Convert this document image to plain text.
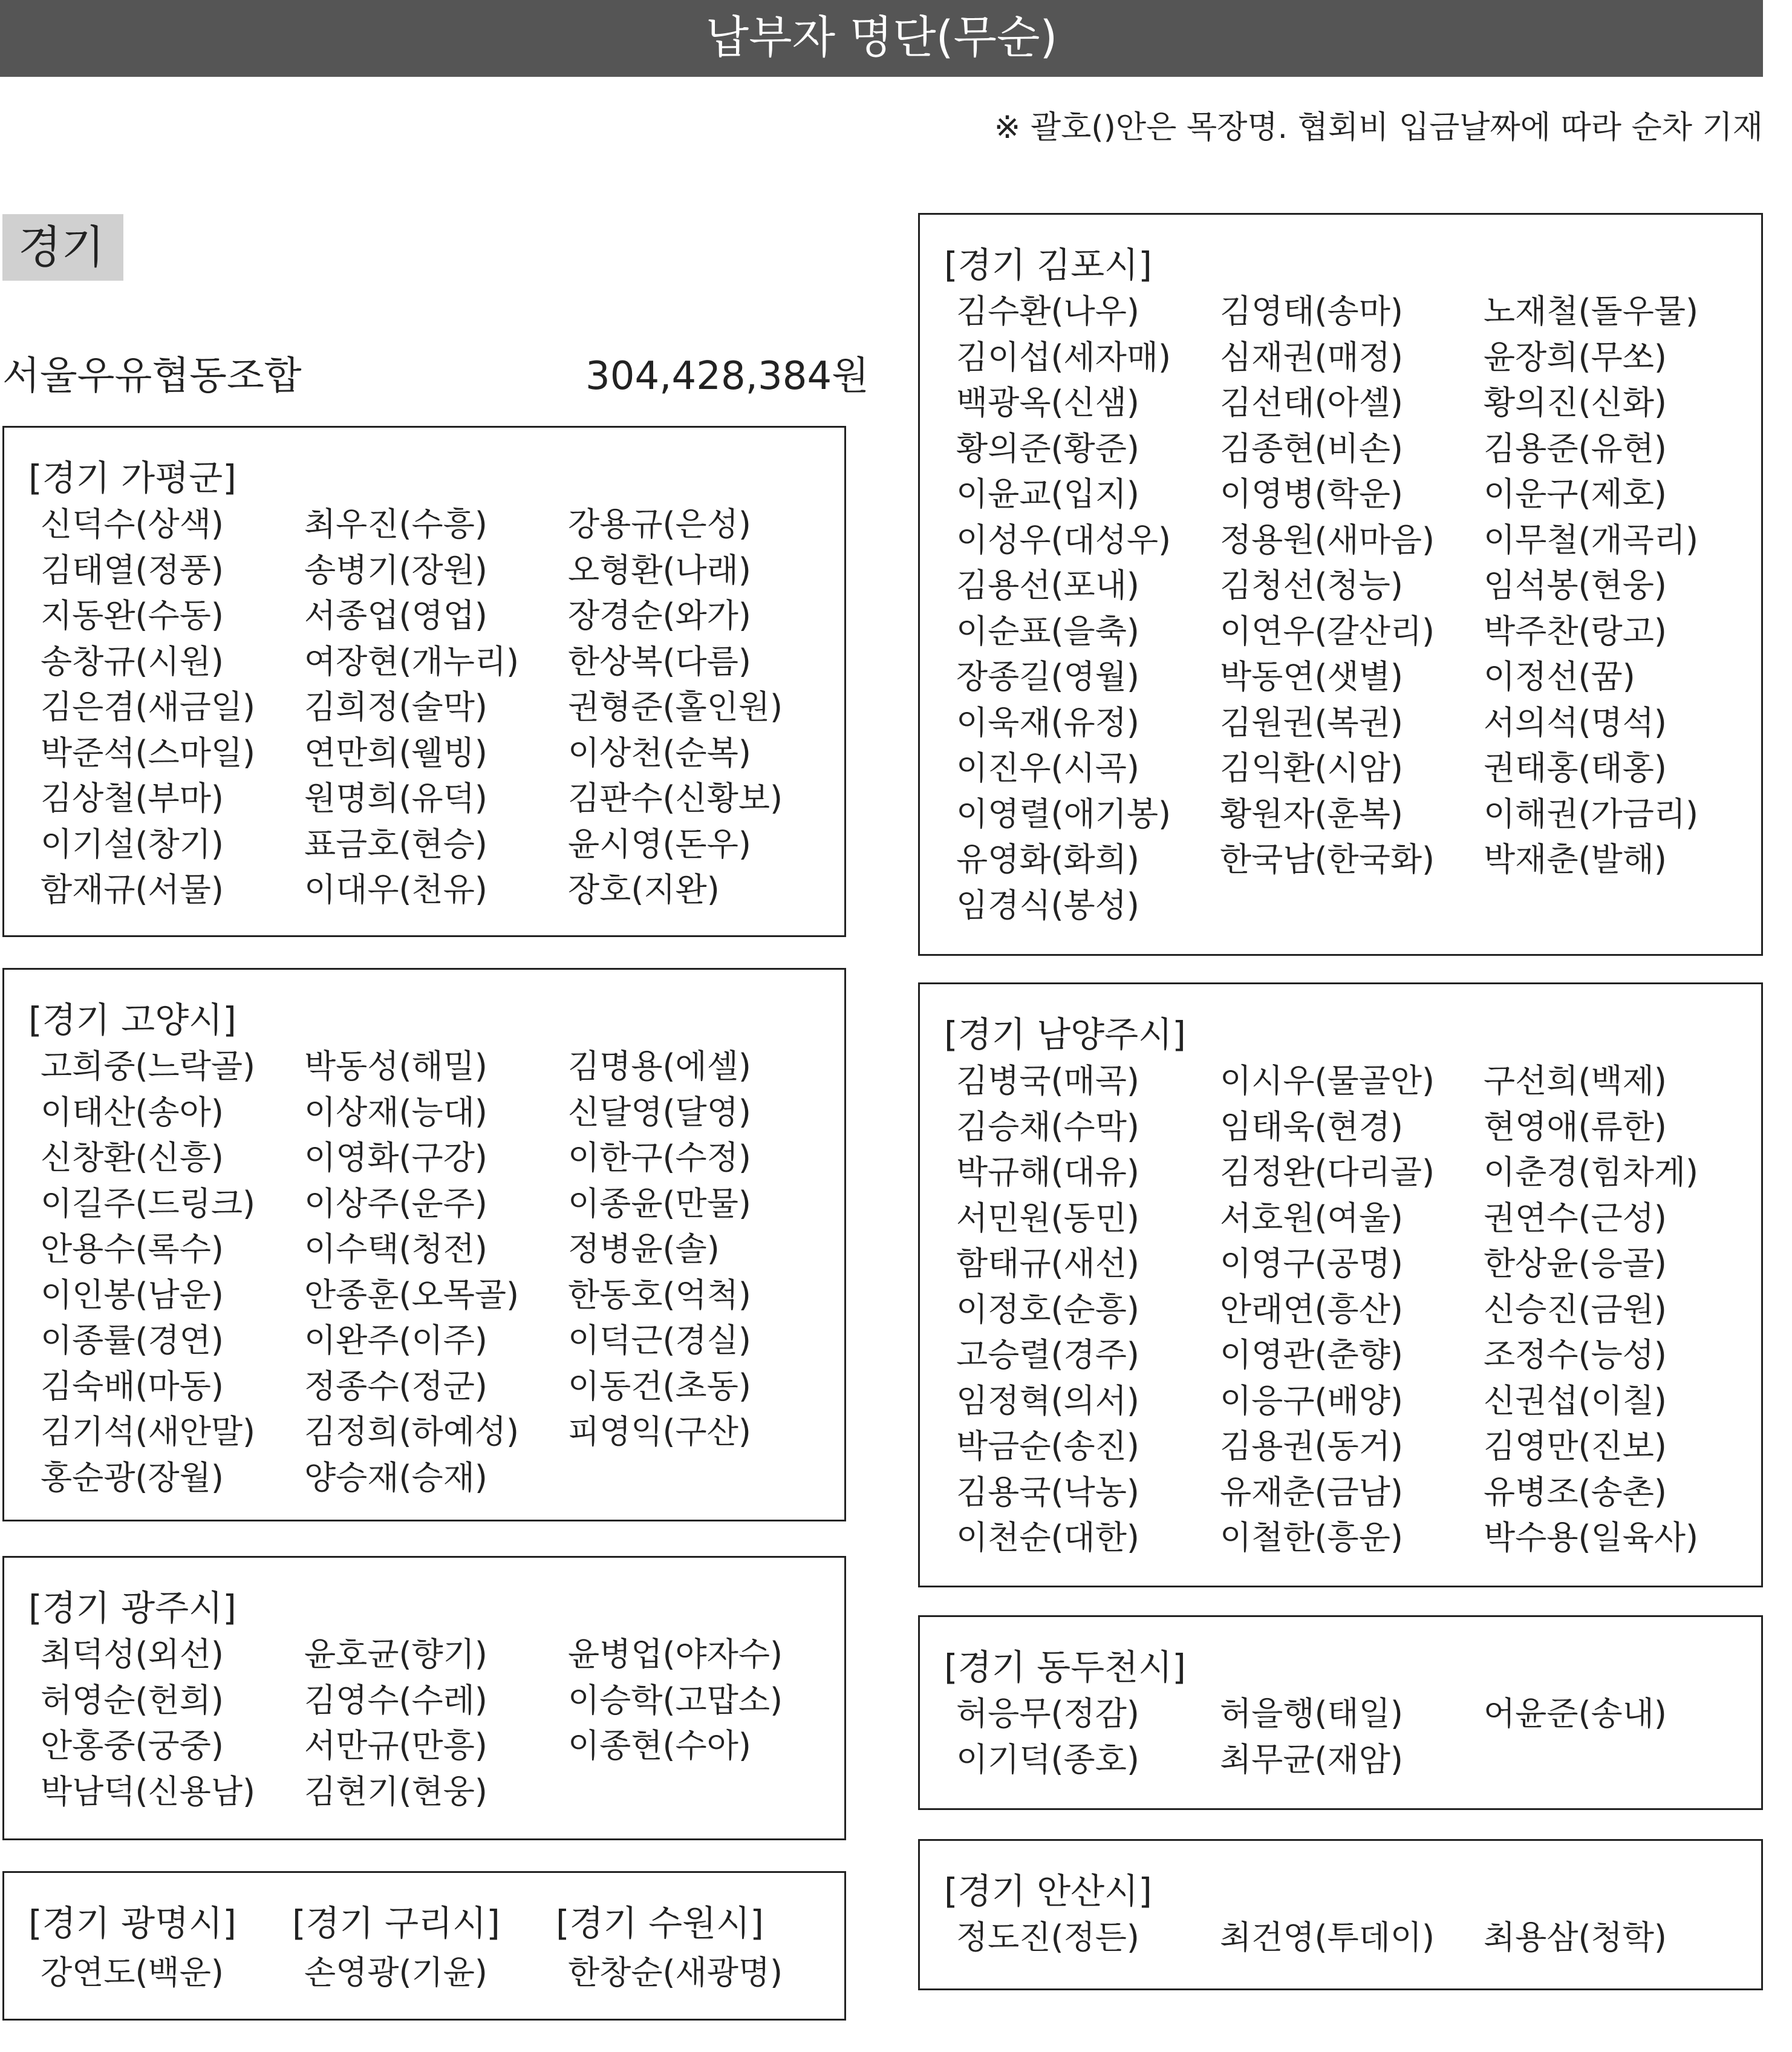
납부자 명단(무순)
※ 괄호()안은 목장명. 협회비 입금날짜에 따라 순차 기재
경기
서울우유협동조합	304,428,384원
[경기 가평군]
신덕수(상색)	최우진(수흥)	강용규(은성)
김태열(정풍)	송병기(장원)	오형환(나래)
지동완(수동)	서종업(영업)	장경순(와가)
송창규(시원)	여장현(개누리)	한상복(다름)
김은겸(새금일)	김희정(술막)	권형준(홀인원)
박준석(스마일)	연만희(웰빙)	이상천(순복)
김상철(부마)	원명희(유덕)	김판수(신황보)
이기설(창기)	표금호(현승)	윤시영(돈우)
함재규(서물)	이대우(천유)	장호(지완)
[경기 고양시]
고희중(느락골)	박동성(해밀)	김명용(에셀)
이태산(송아)	이상재(능대)	신달영(달영)
신창환(신흥)	이영화(구강)	이한구(수정)
이길주(드링크)	이상주(운주)	이종윤(만물)
안용수(록수)	이수택(청전)	정병윤(솔)
이인봉(남운)	안종훈(오목골)	한동호(억척)
이종률(경연)	이완주(이주)	이덕근(경실)
김숙배(마동)	정종수(정군)	이동건(초동)
김기석(새안말)	김정희(하예성)	피영익(구산)
홍순광(장월)	양승재(승재)
[경기 광주시]
최덕성(외선)	윤호균(향기)	윤병업(야자수)
허영순(헌희)	김영수(수레)	이승학(고맙소)
안홍중(궁중)	서만규(만흥)	이종현(수아)
박남덕(신용남)	김현기(현웅)
[경기 광명시]
강연도(백운)
[경기 구리시]
손영광(기윤)
[경기 수원시]
한창순(새광명)
[경기 김포시]
김수환(나우)	김영태(송마)	노재철(돌우물)
김이섭(세자매)	심재권(매정)	윤장희(무쏘)
백광옥(신샘)	김선태(아셀)	황의진(신화)
황의준(황준)	김종현(비손)	김용준(유현)
이윤교(입지)	이영병(학운)	이운구(제호)
이성우(대성우)	정용원(새마음)	이무철(개곡리)
김용선(포내)	김청선(청능)	임석봉(현웅)
이순표(을축)	이연우(갈산리)	박주찬(랑고)
장종길(영월)	박동연(샛별)	이정선(꿈)
이욱재(유정)	김원권(복권)	서의석(명석)
이진우(시곡)	김익환(시암)	권태홍(태홍)
이영렬(애기봉)	황원자(훈복)	이해권(가금리)
유영화(화희)	한국남(한국화)	박재춘(발해)
임경식(봉성)
[경기 남양주시]
김병국(매곡)	이시우(물골안)	구선희(백제)
김승채(수막)	임태욱(현경)	현영애(류한)
박규해(대유)	김정완(다리골)	이춘경(힘차게)
서민원(동민)	서호원(여울)	권연수(근성)
함태규(새선)	이영구(공명)	한상윤(응골)
이정호(순흥)	안래연(흥산)	신승진(금원)
고승렬(경주)	이영관(춘향)	조정수(능성)
임정혁(의서)	이응구(배양)	신권섭(이칠)
박금순(송진)	김용권(동거)	김영만(진보)
김용국(낙농)	유재춘(금남)	유병조(송촌)
이천순(대한)	이철한(흥운)	박수용(일육사)
[경기 동두천시]
허응무(정감)	허을행(태일)	어윤준(송내)
이기덕(종호)	최무균(재암)
[경기 안산시]
정도진(정든)	최건영(투데이)	최용삼(청학)
